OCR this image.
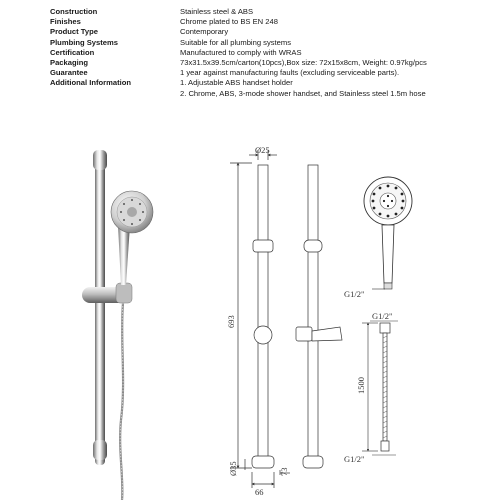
Construction	Stainless steel & ABS
Finishes	Chrome plated to BS EN 248
Product Type	Contemporary
Plumbing Systems	Suitable for all plumbing systems
Certification	Manufactured to comply with WRAS
Packaging	73x31.5x39.5cm/carton(10pcs),Box size: 72x15x8cm, Weight: 0.97kg/pcs
Guarantee	1 year against manufacturing faults (excluding serviceable parts).
Additional Information	1. Adjustable ABS handset holder
2. Chrome, ABS, 3-mode shower handset, and Stainless steel 1.5m hose
Ø25
693
Ø35
66
73
G1/2"
G1/2"
G1/2"
1500
